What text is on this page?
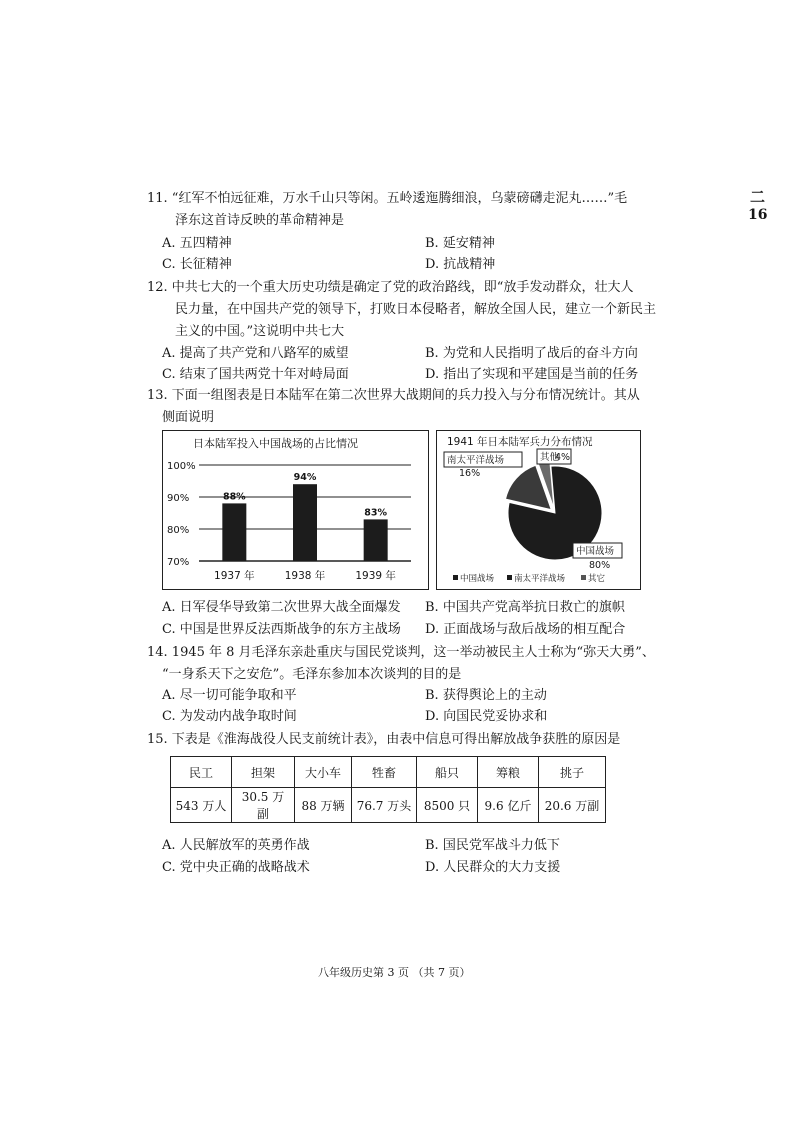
二
16
11. “红军不怕远征难，万水千山只等闲。五岭逶迤腾细浪，乌蒙磅礴走泥丸……”毛
泽东这首诗反映的革命精神是
A. 五四精神	B. 延安精神
C. 长征精神	D. 抗战精神
12. 中共七大的一个重大历史功绩是确定了党的政治路线，即“放手发动群众，壮大人
民力量，在中国共产党的领导下，打败日本侵略者，解放全国人民，建立一个新民主
主义的中国。”这说明中共七大
A. 提高了共产党和八路军的威望	B. 为党和人民指明了战后的奋斗方向
C. 结束了国共两党十年对峙局面	D. 指出了实现和平建国是当前的任务
13. 下面一组图表是日本陆军在第二次世界大战期间的兵力投入与分布情况统计。其从
侧面说明
日本陆军投入中国战场的占比情况
70%
80%
90%
100%
88%
94%
83%
1937 年	1938 年	1939 年
1941 年日本陆军兵力分布情况
南太平洋战场
16%
其他
4%
中国战场
80%
中国战场 南太平洋战场	其它
A. 日军侵华导致第二次世界大战全面爆发 B. 中国共产党高举抗日救亡的旗帜
C. 中国是世界反法西斯战争的东方主战场 D. 正面战场与敌后战场的相互配合
14. 1945 年 8 月毛泽东亲赴重庆与国民党谈判，这一举动被民主人士称为“弥天大勇”、
“一身系天下之安危”。毛泽东参加本次谈判的目的是
A. 尽一切可能争取和平	B. 获得舆论上的主动
C. 为发动内战争取时间	D. 向国民党妥协求和
15. 下表是《淮海战役人民支前统计表》，由表中信息可得出解放战争获胜的原因是
民工	担架	大小车	牲畜	船只	筹粮	挑子
543 万人	30.5 万副	88 万辆	76.7 万头	8500 只	9.6 亿斤	20.6 万副
A. 人民解放军的英勇作战	B. 国民党军战斗力低下
C. 党中央正确的战略战术	D. 人民群众的大力支援
八年级历史第 3 页 （共 7 页）
